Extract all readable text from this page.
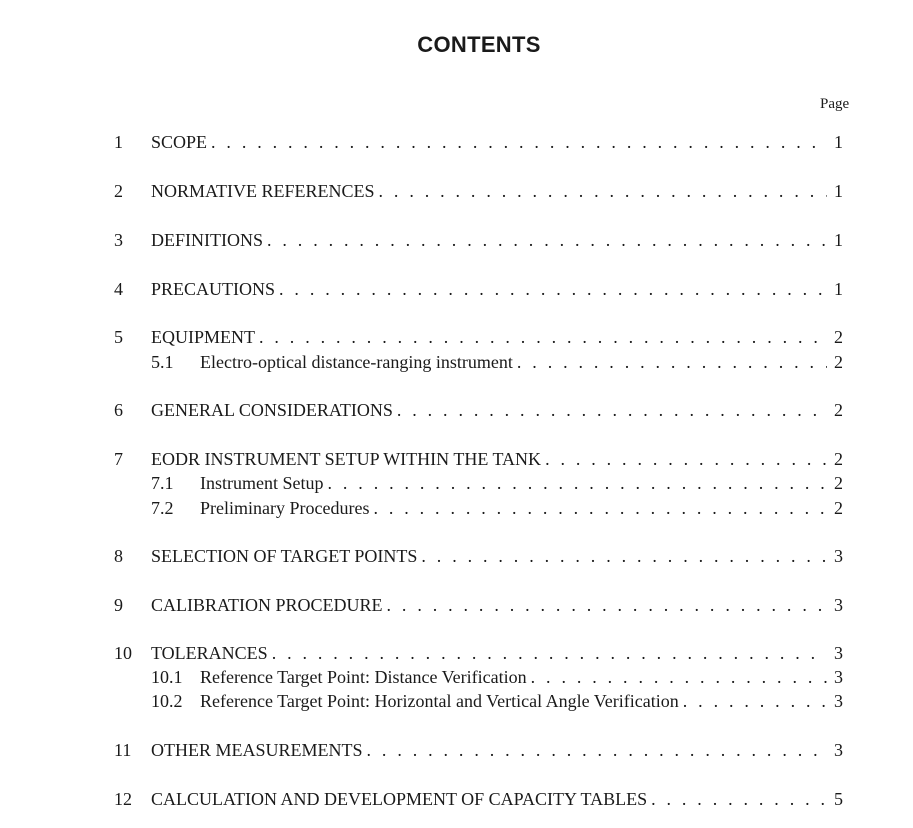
CONTENTS
Page
1 SCOPE . . .	1
2 NORMATIVE REFERENCES . . .	1
3 DEFINITIONS . . .	1
4 PRECAUTIONS . . .	1
5 EQUIPMENT . . .	2
5.1 Electro-optical distance-ranging instrument . . .	2
6 GENERAL CONSIDERATIONS . . .	2
7 EODR INSTRUMENT SETUP WITHIN THE TANK . . .	2
7.1 Instrument Setup . . .	2
7.2 Preliminary Procedures . . .	2
8 SELECTION OF TARGET POINTS . . .	3
9 CALIBRATION PROCEDURE . . .	3
10 TOLERANCES . . .	3
10.1 Reference Target Point: Distance Verification . . .	3
10.2 Reference Target Point: Horizontal and Vertical Angle Verification . . .	3
11 OTHER MEASUREMENTS . . .	3
12 CALCULATION AND DEVELOPMENT OF CAPACITY TABLES . . .	5
